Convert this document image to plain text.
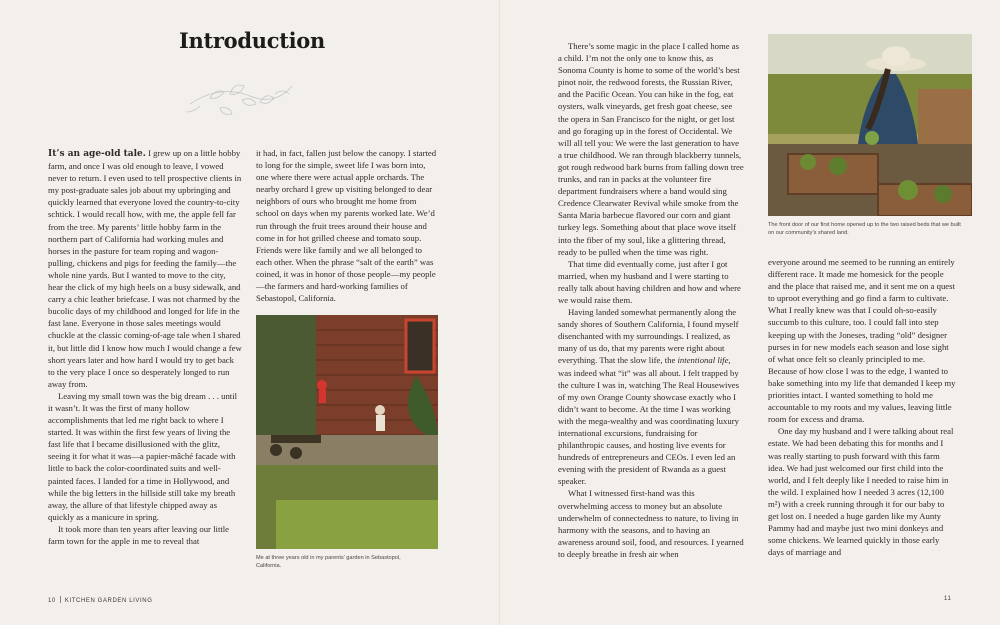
Introduction

It’s an age-old tale. I grew up on a little hobby farm, and once I was old enough to leave, I vowed never to return. I even used to tell prospective clients in my post-graduate sales job about my upbringing and quickly learned that everyone loved the country-to-city schtick. I would recall how, with me, the apple fell far from the tree. My parents’ little hobby farm in the northern part of California had working mules and horses in the pasture for team roping and wagon-pulling, chickens and pigs for feeding the family—the whole nine yards. But I wanted to move to the city, hear the click of my high heels on a busy sidewalk, and carry a chic leather briefcase. I was not charmed by the bucolic days of my childhood and longed for life in the fast lane. Everyone in those sales meetings would chuckle at the classic coming-of-age tale when I shared it, but little did I know how much I would change a few short years later and how hard I would try to get back to the very place I once so desperately longed to run away from.

Leaving my small town was the big dream . . . until it wasn’t. It was the first of many hollow accomplishments that led me right back to where I started. It was within the first few years of living the fast life that I became disillusioned with the glitz, seeing it for what it was—a papier-mâché facade with little to back the color-coordinated suits and well-painted faces. I landed for a time in Hollywood, and while the big letters in the hillside still take my breath away, the allure of that lifestyle chipped away as quickly as a manicure in spring.

It took more than ten years after leaving our little farm town for the apple in me to reveal that

it had, in fact, fallen just below the canopy. I started to long for the simple, sweet life I was born into, one where there were actual apple orchards. The nearby orchard I grew up visiting belonged to dear neighbors of ours who brought me home from school on days when my parents worked late. We’d run through the fruit trees around their house and come in for hot grilled cheese and tomato soup. Friends were like family and we all belonged to each other. When the phrase “salt of the earth” was coined, it was in honor of those people—my people—the farmers and hard-working families of Sebastopol, California.

Me at three years old in my parents’ garden in Sebastopol, California.

10 KITCHEN GARDEN LIVING

There’s some magic in the place I called home as a child. I’m not the only one to know this, as Sonoma County is home to some of the world’s best pinot noir, the redwood forests, the Russian River, and the Pacific Ocean. You can hike in the fog, eat oysters, walk vineyards, get fresh goat cheese, see the opera in San Francisco for the night, or get lost and go foraging up in the forest of Occidental. We will all tell you: We were the last generation to have a true childhood. We ran through blackberry tunnels, got rough redwood bark burns from falling down tree trunks, and ran in packs at the volunteer fire department fundraisers where a band would sing Credence Clearwater Revival while smoke from the Santa Maria barbecue flavored our corn and giant turkey legs. Something about that place wove itself into the fiber of my soul, like a glittering thread, ready to be pulled when the time was right.

That time did eventually come, just after I got married, when my husband and I were starting to really talk about having children and how and where we would raise them.

Having landed somewhat permanently along the sandy shores of Southern California, I found myself disenchanted with my surroundings. I realized, as many of us do, that my parents were right about everything. That the slow life, the intentional life, was indeed what “it” was all about. I felt trapped by the culture I was in, watching The Real Housewives of my own Orange County showcase exactly who I didn’t want to become. At the time I was working with the mega-wealthy and was coordinating luxury international excursions, fundraising for philanthropic causes, and hosting live events for hundreds of entrepreneurs and CEOs. I even led an evening with the president of Rwanda as a guest speaker.

What I witnessed first-hand was this overwhelming access to money but an absolute underwhelm of connectedness to nature, to living in harmony with the seasons, and to having an awareness around soil, food, and resources. I yearned to deeply breathe in fresh air when

The front door of our first home opened up to the two raised beds that we built on our community’s shared land.

everyone around me seemed to be running an entirely different race. It made me homesick for the people and the place that raised me, and it sent me on a quest to uproot everything and go find a farm to cultivate. What I really knew was that I could oh-so-easily succumb to this culture, too. I could fall into step keeping up with the Joneses, trading “old” designer purses in for new models each season and lose sight of what once felt so cleanly principled to me. Because of how close I was to the edge, I wanted to bake something into my life that demanded I keep my priorities intact. I wanted something to hold me accountable to my roots and my values, leaving little room for excess and drama.

One day my husband and I were talking about real estate. We had been debating this for months and I was really starting to push forward with this farm idea. We had just welcomed our first child into the world, and I felt deeply like I needed to raise him in the wild. I explained how I needed 3 acres (12,100 m²) with a creek running through it for our baby to get lost on. I needed a huge garden like my Aunty Pammy had and maybe just two mini donkeys and some chickens. We learned quickly in those early days of marriage and

11
